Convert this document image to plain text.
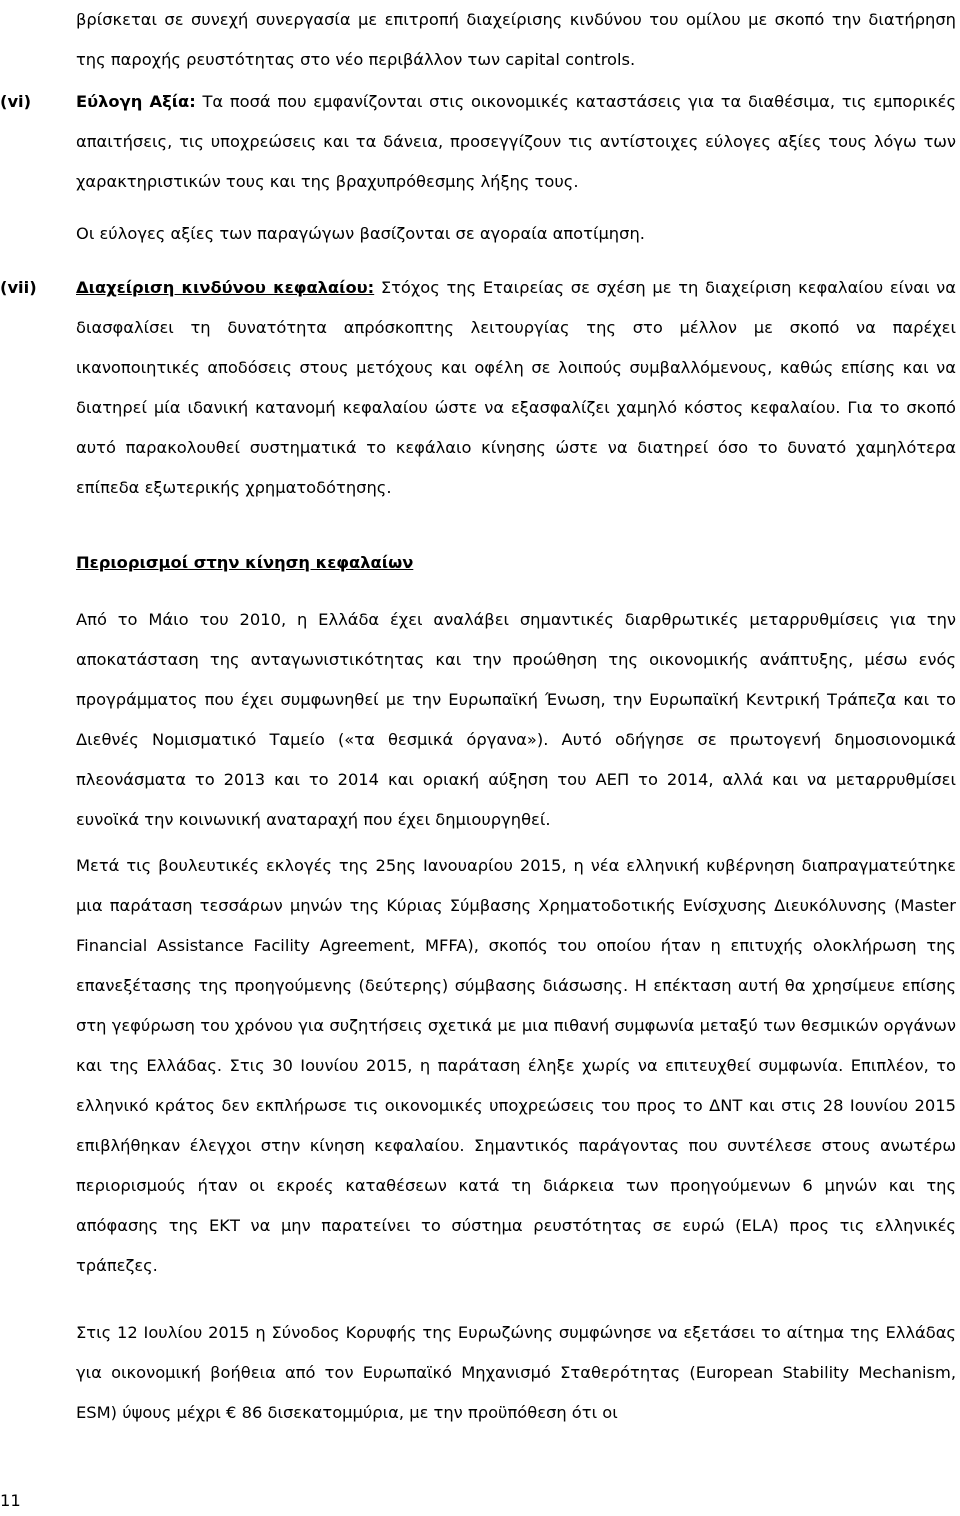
βρίσκεται σε συνεχή συνεργασία με επιτροπή διαχείρισης κινδύνου του ομίλου με σκοπό την διατήρηση της παροχής ρευστότητας στο νέο περιβάλλον των capital controls.

(vi)	Εύλογη Αξία: Τα ποσά που εμφανίζονται στις οικονομικές καταστάσεις για τα διαθέσιμα, τις εμπορικές απαιτήσεις, τις υποχρεώσεις και τα δάνεια, προσεγγίζουν τις αντίστοιχες εύλογες αξίες τους λόγω των χαρακτηριστικών τους και της βραχυπρόθεσμης λήξης τους.

Οι εύλογες αξίες των παραγώγων βασίζονται σε αγοραία αποτίμηση.

(vii) Διαχείριση κινδύνου κεφαλαίου: Στόχος της Εταιρείας σε σχέση με τη διαχείριση κεφαλαίου είναι να διασφαλίσει τη δυνατότητα απρόσκοπτης λειτουργίας της στο μέλλον με σκοπό να παρέχει ικανοποιητικές αποδόσεις στους μετόχους και οφέλη σε λοιπούς συμβαλλόμενους, καθώς επίσης και να διατηρεί μία ιδανική κατανομή κεφαλαίου ώστε να εξασφαλίζει χαμηλό κόστος κεφαλαίου. Για το σκοπό αυτό παρακολουθεί συστηματικά το κεφάλαιο κίνησης ώστε να διατηρεί όσο το δυνατό χαμηλότερα επίπεδα εξωτερικής χρηματοδότησης.

Περιορισμοί στην κίνηση κεφαλαίων

Από το Μάιο του 2010, η Ελλάδα έχει αναλάβει σημαντικές διαρθρωτικές μεταρρυθμίσεις για την αποκατάσταση της ανταγωνιστικότητας και την προώθηση της οικονομικής ανάπτυξης, μέσω ενός προγράμματος που έχει συμφωνηθεί με την Ευρωπαϊκή Ένωση, την Ευρωπαϊκή Κεντρική Τράπεζα και το Διεθνές Νομισματικό Ταμείο («τα θεσμικά όργανα»). Αυτό οδήγησε σε πρωτογενή δημοσιονομικά πλεονάσματα το 2013 και το 2014 και οριακή αύξηση του ΑΕΠ το 2014, αλλά και να μεταρρυθμίσει ευνοϊκά την κοινωνική αναταραχή που έχει δημιουργηθεί.

Μετά τις βουλευτικές εκλογές της 25ης Ιανουαρίου 2015, η νέα ελληνική κυβέρνηση διαπραγματεύτηκε μια παράταση τεσσάρων μηνών της Κύριας Σύμβασης Χρηματοδοτικής Ενίσχυσης Διευκόλυνσης (Master Financial Assistance Facility Agreement, MFFA), σκοπός του οποίου ήταν η επιτυχής ολοκλήρωση της επανεξέτασης της προηγούμενης (δεύτερης) σύμβασης διάσωσης. Η επέκταση αυτή θα χρησίμευε επίσης στη γεφύρωση του χρόνου για συζητήσεις σχετικά με μια πιθανή συμφωνία μεταξύ των θεσμικών οργάνων και της Ελλάδας. Στις 30 Ιουνίου 2015, η παράταση έληξε χωρίς να επιτευχθεί συμφωνία. Επιπλέον, το ελληνικό κράτος δεν εκπλήρωσε τις οικονομικές υποχρεώσεις του προς το ΔΝΤ και στις 28 Ιουνίου 2015 επιβλήθηκαν έλεγχοι στην κίνηση κεφαλαίου. Σημαντικός παράγοντας που συντέλεσε στους ανωτέρω περιορισμούς ήταν οι εκροές καταθέσεων κατά τη διάρκεια των προηγούμενων 6 μηνών και της απόφασης της ΕΚΤ να μην παρατείνει το σύστημα ρευστότητας σε ευρώ (ELA) προς τις ελληνικές τράπεζες.

Στις 12 Ιουλίου 2015 η Σύνοδος Κορυφής της Ευρωζώνης συμφώνησε να εξετάσει το αίτημα της Ελλάδας για οικονομική βοήθεια από τον Ευρωπαϊκό Μηχανισμό Σταθερότητας (European Stability Mechanism, ESM) ύψους μέχρι € 86 δισεκατομμύρια, με την προϋπόθεση ότι οι

11
